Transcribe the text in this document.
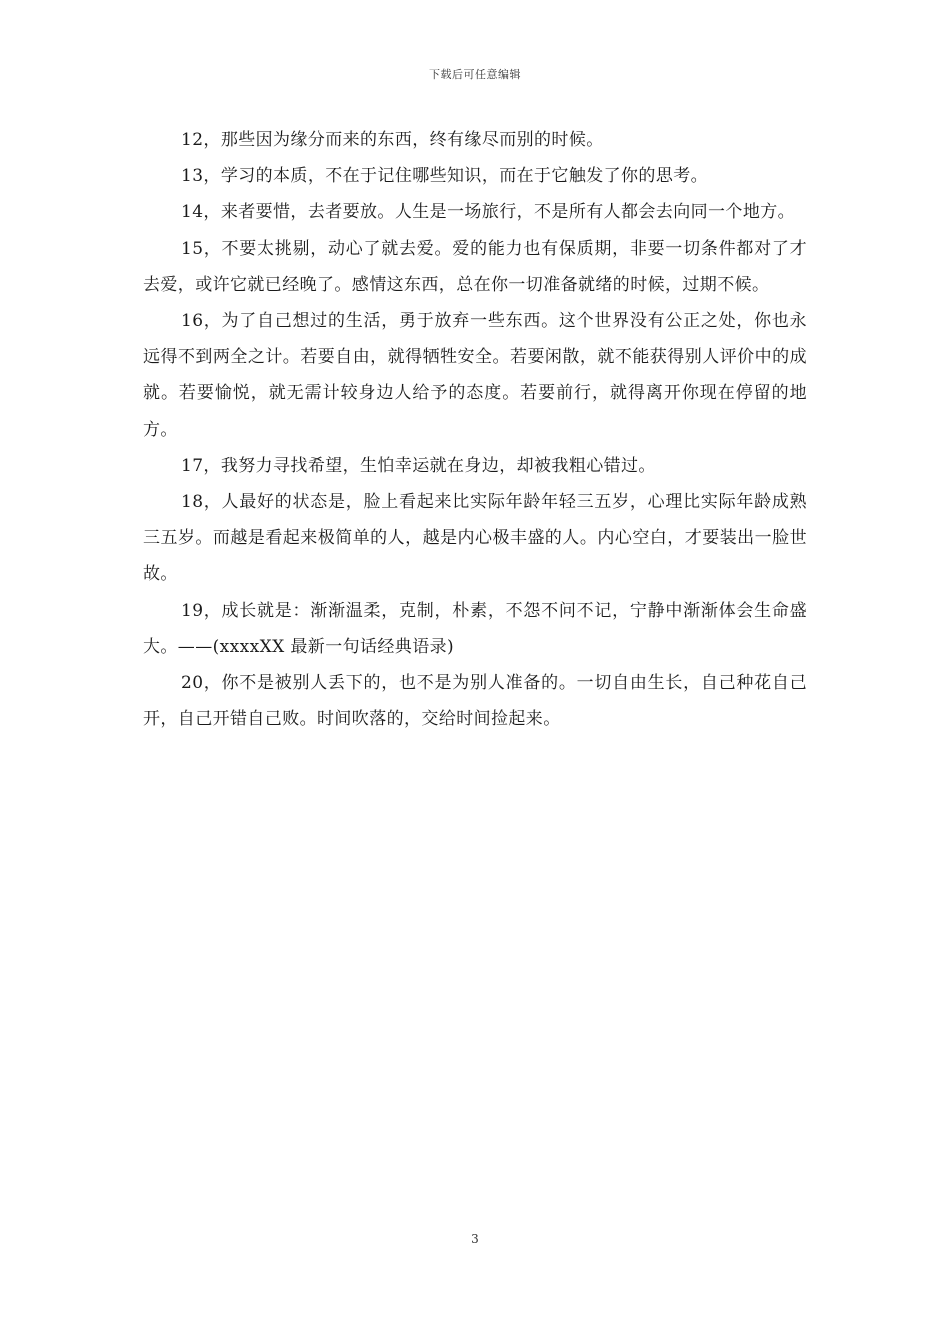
下载后可任意编辑

12，那些因为缘分而来的东西，终有缘尽而别的时候。

13，学习的本质，不在于记住哪些知识，而在于它触发了你的思考。

14，来者要惜，去者要放。人生是一场旅行，不是所有人都会去向同一个地方。

15，不要太挑剔，动心了就去爱。爱的能力也有保质期，非要一切条件都对了才去爱，或许它就已经晚了。感情这东西，总在你一切准备就绪的时候，过期不候。

16，为了自己想过的生活，勇于放弃一些东西。这个世界没有公正之处，你也永远得不到两全之计。若要自由，就得牺牲安全。若要闲散，就不能获得别人评价中的成就。若要愉悦，就无需计较身边人给予的态度。若要前行，就得离开你现在停留的地方。

17，我努力寻找希望，生怕幸运就在身边，却被我粗心错过。

18，人最好的状态是，脸上看起来比实际年龄年轻三五岁，心理比实际年龄成熟三五岁。而越是看起来极简单的人，越是内心极丰盛的人。内心空白，才要装出一脸世故。

19，成长就是：渐渐温柔，克制，朴素，不怨不问不记，宁静中渐渐体会生命盛大。——(xxxxXX 最新一句话经典语录)

20，你不是被别人丢下的，也不是为别人准备的。一切自由生长，自己种花自己开，自己开错自己败。时间吹落的，交给时间捡起来。

3
